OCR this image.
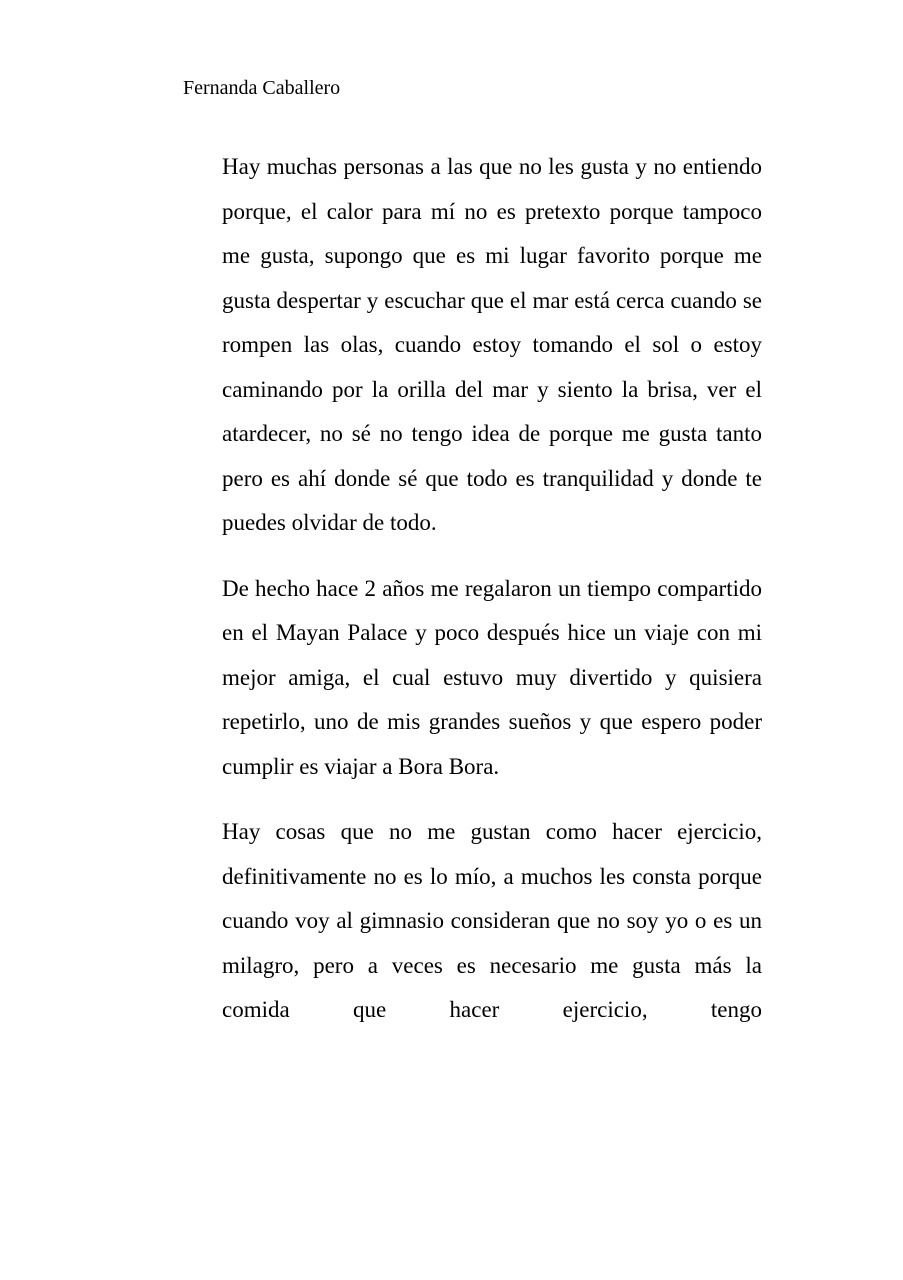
Fernanda Caballero

Hay muchas personas a las que no les gusta y no entiendo porque, el calor para mí no es pretexto porque tampoco me gusta, supongo que es mi lugar favorito porque me gusta despertar y escuchar que el mar está cerca cuando se rompen las olas, cuando estoy tomando el sol o estoy caminando por la orilla del mar y siento la brisa, ver el atardecer, no sé no tengo idea de porque me gusta tanto pero es ahí donde sé que todo es tranquilidad y donde te puedes olvidar de todo.

De hecho hace 2 años me regalaron un tiempo compartido en el Mayan Palace y poco después hice un viaje con mi mejor amiga, el cual estuvo muy divertido y quisiera repetirlo, uno de mis grandes sueños y que espero poder cumplir es viajar a Bora Bora.

Hay cosas que no me gustan como hacer ejercicio, definitivamente no es lo mío, a muchos les consta porque cuando voy al gimnasio consideran que no soy yo o es un milagro, pero a veces es necesario me gusta más la comida que hacer ejercicio, tengo
